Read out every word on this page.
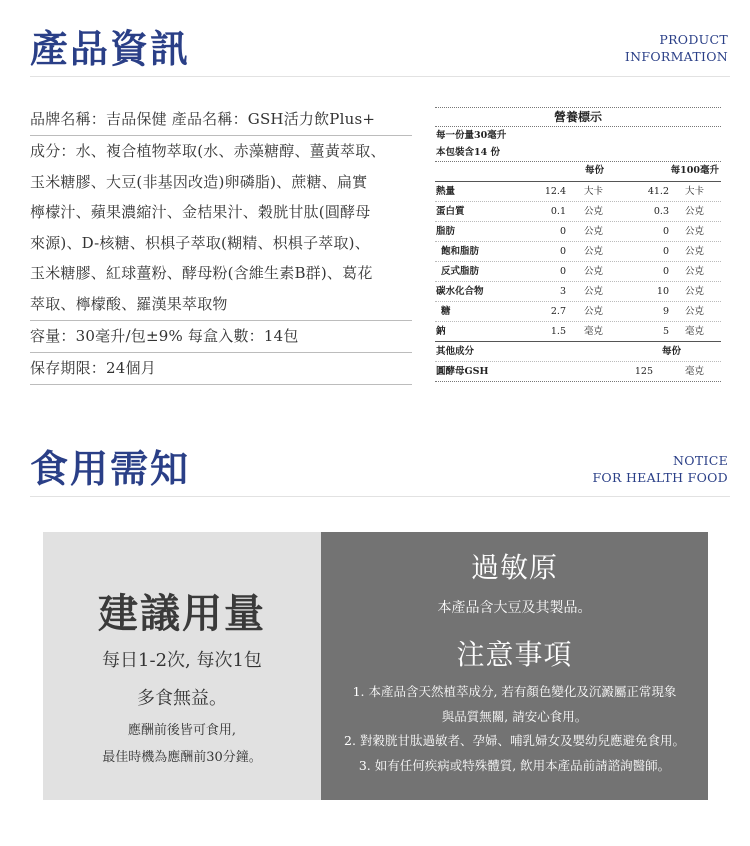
產品資訊	PRODUCT
INFORMATION
品牌名稱：吉品保健 產品名稱：GSH活力飲Plus+
成分：水、複合植物萃取(水、赤藻糖醇、薑黃萃取、
玉米糖膠、大豆(非基因改造)卵磷脂)、蔗糖、扁實
檸檬汁、蘋果濃縮汁、金桔果汁、穀胱甘肽(圓酵母
來源)、D-核糖、枳椇子萃取(糊精、枳椇子萃取)、
玉米糖膠、紅球薑粉、酵母粉(含維生素B群)、葛花
萃取、檸檬酸、羅漢果萃取物
容量：30毫升/包±9% 每盒入數：14包
保存期限：24個月
營養標示
每一份量30毫升
本包裝含14 份
每份	每100毫升
熱量	12.4 大卡	41.2 大卡
蛋白質	0.1 公克	0.3 公克
脂肪	0 公克	0 公克
飽和脂肪	0 公克	0 公克
反式脂肪	0 公克	0 公克
碳水化合物	3 公克	10 公克
糖	2.7 公克	9 公克
鈉	1.5 毫克	5 毫克
其他成分	每份
圓酵母GSH	125	毫克
食用需知	NOTICE
FOR HEALTH FOOD
建議用量
每日1-2次, 每次1包
多食無益。
應酬前後皆可食用,
最佳時機為應酬前30分鐘。
過敏原
本產品含大豆及其製品。
注意事項
1. 本產品含天然植萃成分, 若有顏色變化及沉澱屬正常現象
與品質無關, 請安心食用。
2. 對穀胱甘肽過敏者、孕婦、哺乳婦女及嬰幼兒應避免食用。
3. 如有任何疾病或特殊體質, 飲用本產品前請諮詢醫師。
